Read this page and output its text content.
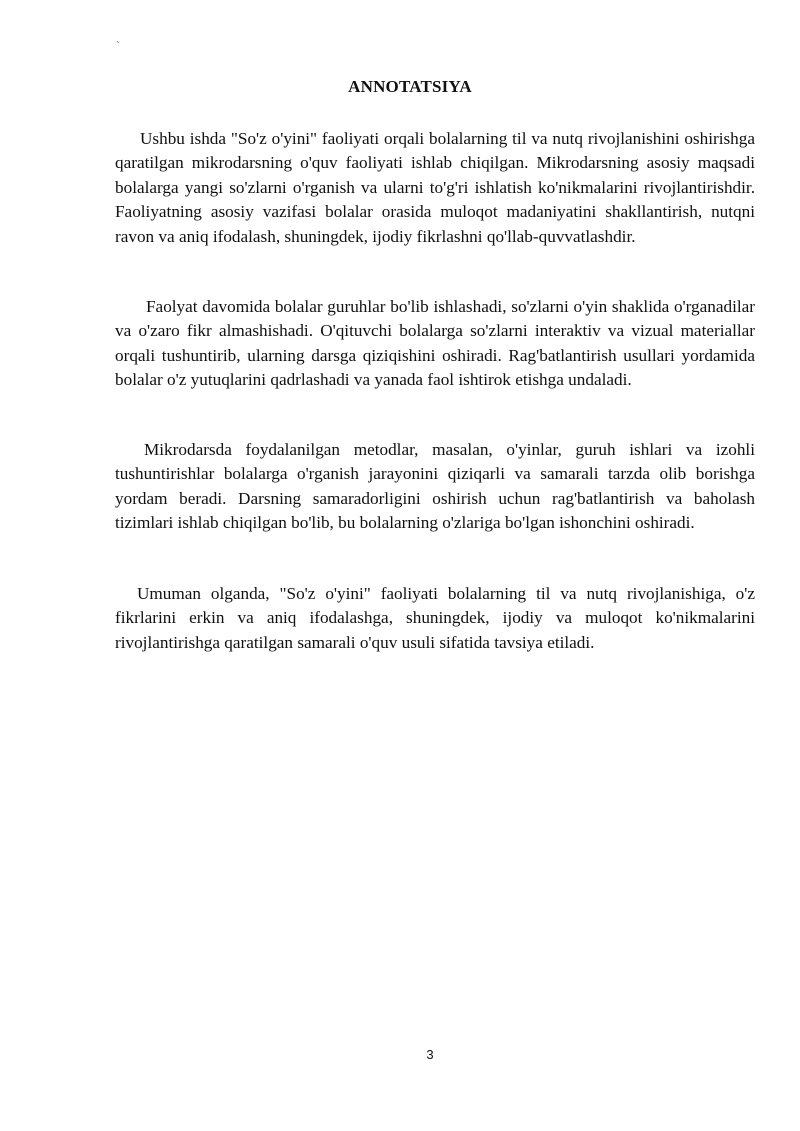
`
ANNOTATSIYA

Ushbu ishda "So'z o'yini" faoliyati orqali bolalarning til va nutq rivojlanishini oshirishga qaratilgan mikrodarsning o'quv faoliyati ishlab chiqilgan. Mikrodarsning asosiy maqsadi bolalarga yangi so'zlarni o'rganish va ularni to'g'ri ishlatish ko'nikmalarini rivojlantirishdir. Faoliyatning asosiy vazifasi bolalar orasida muloqot madaniyatini shakllantirish, nutqni ravon va aniq ifodalash, shuningdek, ijodiy fikrlashni qo'llab-quvvatlashdir.

Faolyat davomida bolalar guruhlar bo'lib ishlashadi, so'zlarni o'yin shaklida o'rganadilar va o'zaro fikr almashishadi. O'qituvchi bolalarga so'zlarni interaktiv va vizual materiallar orqali tushuntirib, ularning darsga qiziqishini oshiradi. Rag'batlantirish usullari yordamida bolalar o'z yutuqlarini qadrlashadi va yanada faol ishtirok etishga undaladi.

Mikrodarsda foydalanilgan metodlar, masalan, o'yinlar, guruh ishlari va izohli tushuntirishlar bolalarga o'rganish jarayonini qiziqarli va samarali tarzda olib borishga yordam beradi. Darsning samaradorligini oshirish uchun rag'batlantirish va baholash tizimlari ishlab chiqilgan bo'lib, bu bolalarning o'zlariga bo'lgan ishonchini oshiradi.

Umuman olganda, "So'z o'yini" faoliyati bolalarning til va nutq rivojlanishiga, o'z fikrlarini erkin va aniq ifodalashga, shuningdek, ijodiy va muloqot ko'nikmalarini rivojlantirishga qaratilgan samarali o'quv usuli sifatida tavsiya etiladi.

3
